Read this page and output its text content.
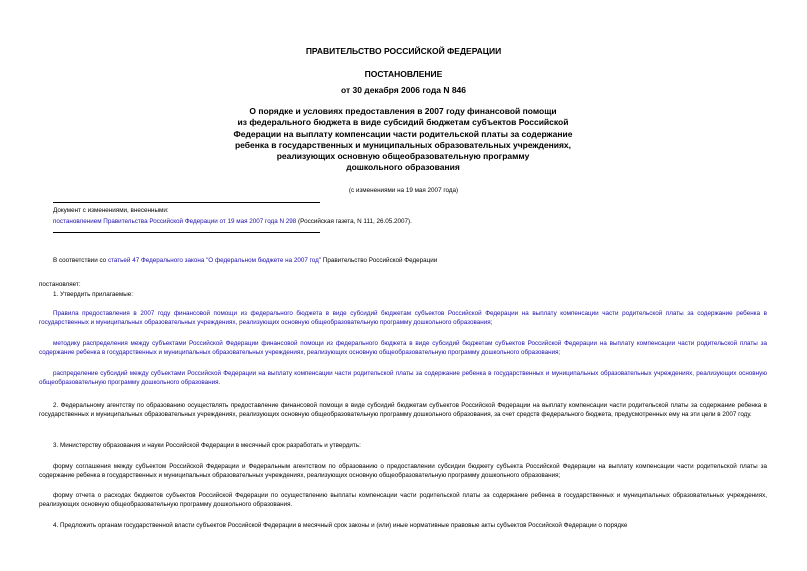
ПРАВИТЕЛЬСТВО РОССИЙСКОЙ ФЕДЕРАЦИИ
ПОСТАНОВЛЕНИЕ
от 30 декабря 2006 года N 846
О порядке и условиях предоставления в 2007 году финансовой помощи
из федерального бюджета в виде субсидий бюджетам субъектов Российской
Федерации на выплату компенсации части родительской платы за содержание
ребенка в государственных и муниципальных образовательных учреждениях,
реализующих основную общеобразовательную программу
дошкольного образования
(с изменениями на 19 мая 2007 года)
Документ с изменениями, внесенными:
постановлением Правительства Российской Федерации от 19 мая 2007 года N 298 (Российская газета, N 111, 26.05.2007).
В соответствии со статьей 47 Федерального закона "О федеральном бюджете на 2007 год" Правительство Российской Федерации
постановляет:
1. Утвердить прилагаемые:
Правила предоставления в 2007 году финансовой помощи из федерального бюджета в виде субсидий бюджетам субъектов Российской Федерации на выплату компенсации части родительской платы за содержание ребенка в государственных и муниципальных образовательных учреждениях, реализующих основную общеобразовательную программу дошкольного образования;
методику распределения между субъектами Российской Федерации финансовой помощи из федерального бюджета в виде субсидий бюджетам субъектов Российской Федерации на выплату компенсации части родительской платы за содержание ребенка в государственных и муниципальных образовательных учреждениях, реализующих основную общеобразовательную программу дошкольного образования;
распределение субсидий между субъектами Российской Федерации на выплату компенсации части родительской платы за содержание ребенка в государственных и муниципальных образовательных учреждениях, реализующих основную общеобразовательную программу дошкольного образования.
2. Федеральному агентству по образованию осуществлять предоставление финансовой помощи в виде субсидий бюджетам субъектов Российской Федерации на выплату компенсации части родительской платы за содержание ребенка в государственных и муниципальных образовательных учреждениях, реализующих основную общеобразовательную программу дошкольного образования, за счет средств федерального бюджета, предусмотренных ему на эти цели в 2007 году.
3. Министерству образования и науки Российской Федерации в месячный срок разработать и утвердить:
форму соглашения между субъектом Российской Федерации и Федеральным агентством по образованию о предоставлении субсидии бюджету субъекта Российской Федерации на выплату компенсации части родительской платы за содержание ребенка в государственных и муниципальных образовательных учреждениях, реализующих основную общеобразовательную программу дошкольного образования;
форму отчета о расходах бюджетов субъектов Российской Федерации по осуществлению выплаты компенсации части родительской платы за содержание ребенка в государственных и муниципальных образовательных учреждениях, реализующих основную общеобразовательную программу дошкольного образования.
4. Предложить органам государственной власти субъектов Российской Федерации в месячный срок законы и (или) иные нормативные правовые акты субъектов Российской Федерации о порядке
